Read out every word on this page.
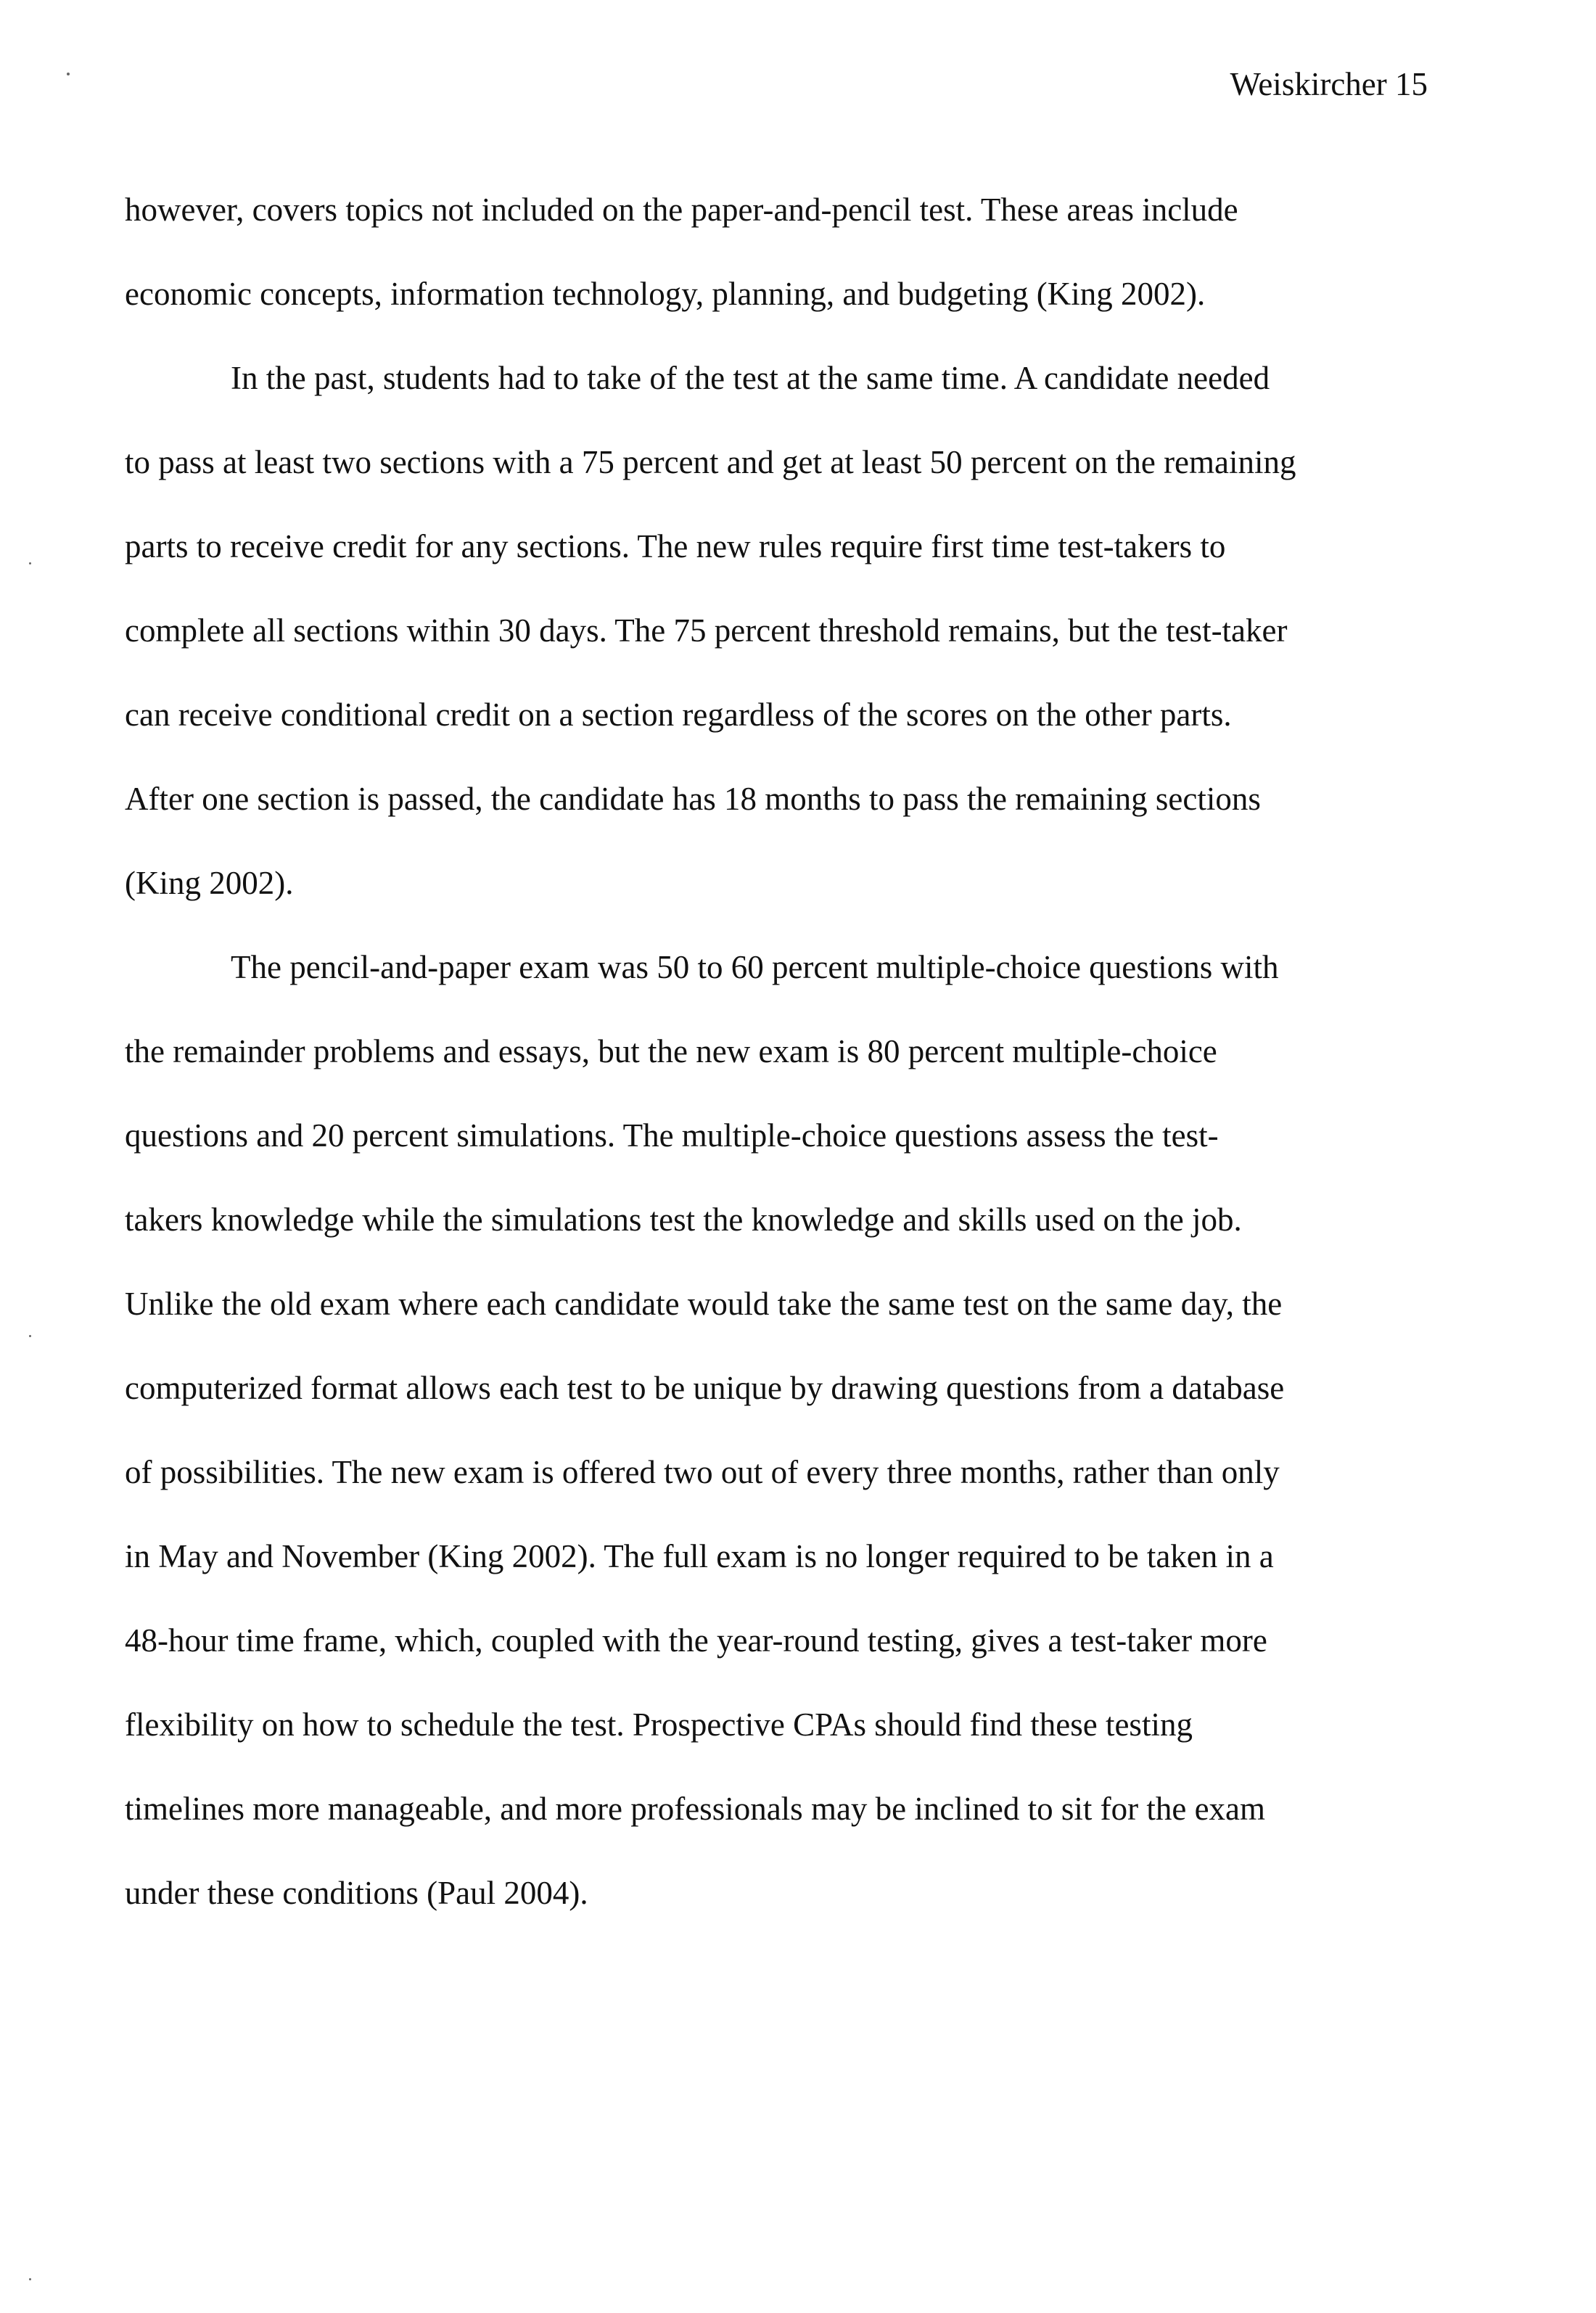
Weiskircher 15
however, covers topics not included on the paper-and-pencil test. These areas include
economic concepts, information technology, planning, and budgeting (King 2002).
In the past, students had to take of the test at the same time. A candidate needed
to pass at least two sections with a 75 percent and get at least 50 percent on the remaining
parts to receive credit for any sections. The new rules require first time test-takers to
complete all sections within 30 days. The 75 percent threshold remains, but the test-taker
can receive conditional credit on a section regardless of the scores on the other parts.
After one section is passed, the candidate has 18 months to pass the remaining sections
(King 2002).
The pencil-and-paper exam was 50 to 60 percent multiple-choice questions with
the remainder problems and essays, but the new exam is 80 percent multiple-choice
questions and 20 percent simulations. The multiple-choice questions assess the test-
takers knowledge while the simulations test the knowledge and skills used on the job.
Unlike the old exam where each candidate would take the same test on the same day, the
computerized format allows each test to be unique by drawing questions from a database
of possibilities. The new exam is offered two out of every three months, rather than only
in May and November (King 2002). The full exam is no longer required to be taken in a
48-hour time frame, which, coupled with the year-round testing, gives a test-taker more
flexibility on how to schedule the test. Prospective CPAs should find these testing
timelines more manageable, and more professionals may be inclined to sit for the exam
under these conditions (Paul 2004).
